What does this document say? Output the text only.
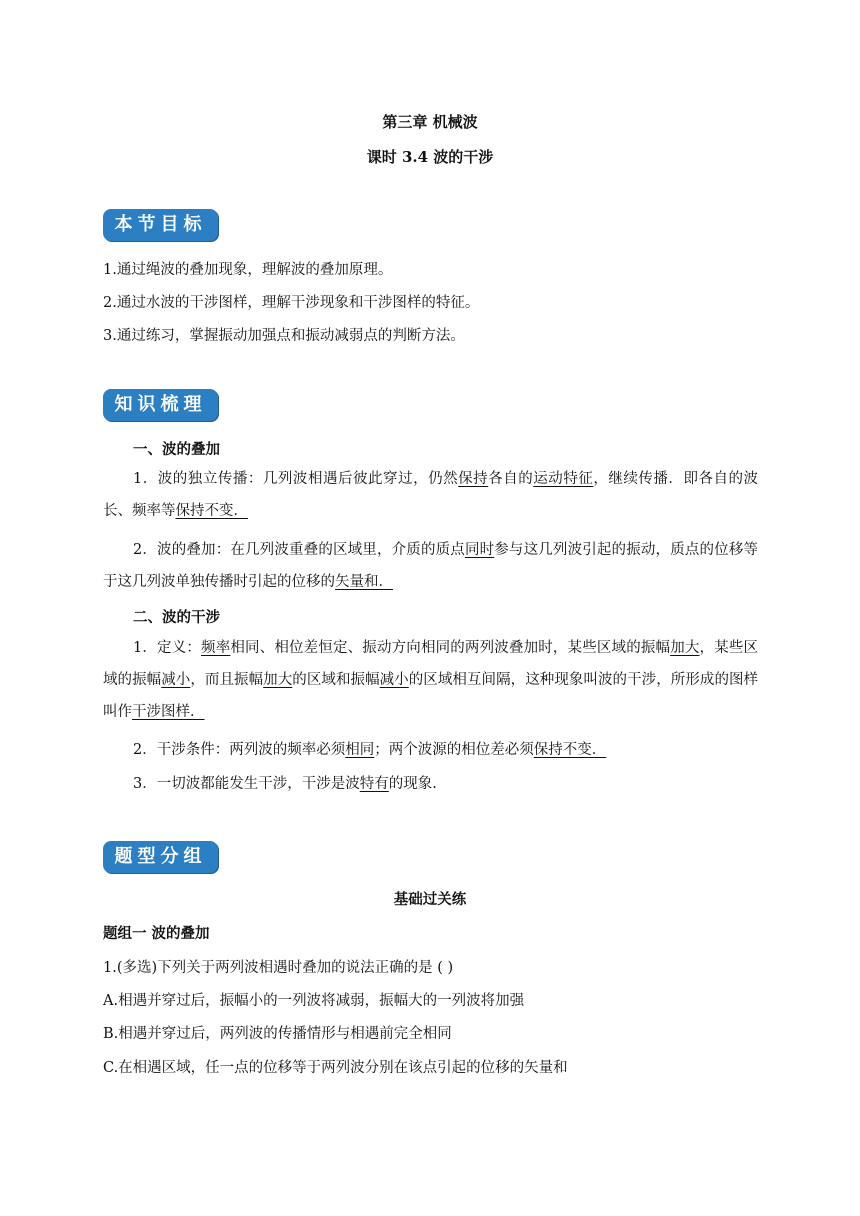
第三章 机械波
课时 3.4 波的干涉
本节目标
1.通过绳波的叠加现象，理解波的叠加原理。
2.通过水波的干涉图样，理解干涉现象和干涉图样的特征。
3.通过练习，掌握振动加强点和振动减弱点的判断方法。
知识梳理
一、波的叠加
1．波的独立传播：几列波相遇后彼此穿过，仍然保持各自的运动特征，继续传播．即各自的波长、频率等保持不变．
2．波的叠加：在几列波重叠的区域里，介质的质点同时参与这几列波引起的振动，质点的位移等于这几列波单独传播时引起的位移的矢量和．
二、波的干涉
1．定义：频率相同、相位差恒定、振动方向相同的两列波叠加时，某些区域的振幅加大，某些区域的振幅减小，而且振幅加大的区域和振幅减小的区域相互间隔，这种现象叫波的干涉，所形成的图样叫作干涉图样．
2．干涉条件：两列波的频率必须相同；两个波源的相位差必须保持不变．
3．一切波都能发生干涉，干涉是波特有的现象.
题型分组
基础过关练
题组一 波的叠加
1.(多选)下列关于两列波相遇时叠加的说法正确的是 ( )
A.相遇并穿过后，振幅小的一列波将减弱，振幅大的一列波将加强
B.相遇并穿过后，两列波的传播情形与相遇前完全相同
C.在相遇区域，任一点的位移等于两列波分别在该点引起的位移的矢量和
